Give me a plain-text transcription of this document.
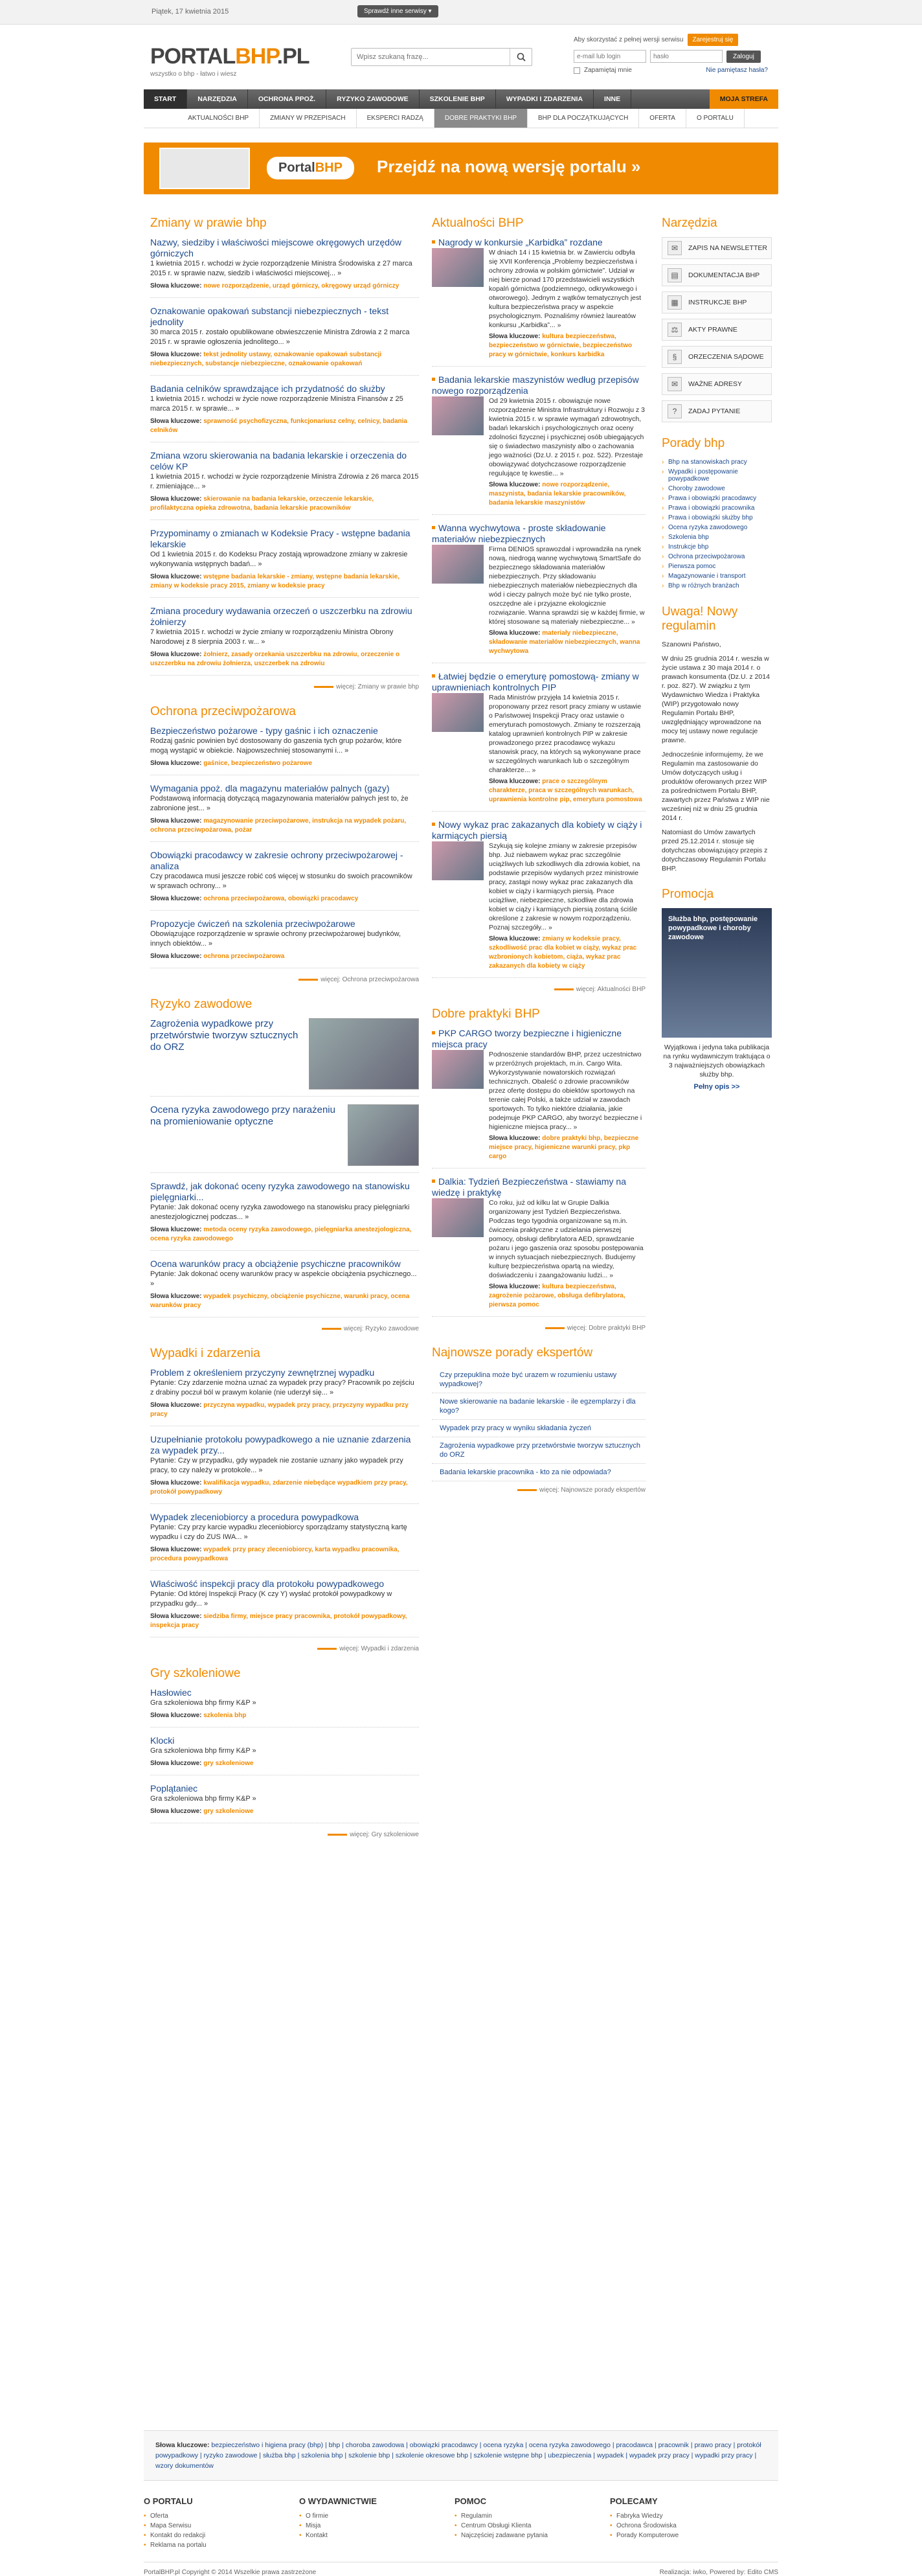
Piątek, 17 kwietnia 2015	Sprawdź inne serwisy ▾
PORTALBHP.PL
wszystko o bhp - łatwo i wiesz
Wpisz szukaną frazę...
Aby skorzystać z pełnej wersji serwisu	Zarejestruj się
e-mail lub login
hasło
Zaloguj
Zapamiętaj mnie	Nie pamiętasz hasła?
START	NARZĘDZIA	OCHRONA PPOŻ.	RYZYKO ZAWODOWE	SZKOLENIE BHP	WYPADKI I ZDARZENIA	INNE	MOJA STREFA
AKTUALNOŚCI BHP	ZMIANY W PRZEPISACH	EKSPERCI RADZĄ	DOBRE PRAKTYKI BHP	BHP DLA POCZĄTKUJĄCYCH	OFERTA	O PORTALU
PortalBHP	Przejdź na nową wersję portalu »
Zmiany w prawie bhp
Nazwy, siedziby i właściwości miejscowe okręgowych urzędów górniczych
1 kwietnia 2015 r. wchodzi w życie rozporządzenie Ministra Środowiska z 27 marca 2015 r. w sprawie nazw, siedzib i właściwości miejscowej... »
Słowa kluczowe: nowe rozporządzenie, urząd górniczy, okręgowy urząd górniczy
Oznakowanie opakowań substancji niebezpiecznych - tekst jednolity
30 marca 2015 r. zostało opublikowane obwieszczenie Ministra Zdrowia z 2 marca 2015 r. w sprawie ogłoszenia jednolitego... »
Słowa kluczowe: tekst jednolity ustawy, oznakowanie opakowań substancji niebezpiecznych, substancje niebezpieczne, oznakowanie opakowań
Badania celników sprawdzające ich przydatność do służby
1 kwietnia 2015 r. wchodzi w życie nowe rozporządzenie Ministra Finansów z 25 marca 2015 r. w sprawie... »
Słowa kluczowe: sprawność psychofizyczna, funkcjonariusz celny, celnicy, badania celników
Zmiana wzoru skierowania na badania lekarskie i orzeczenia do celów KP
1 kwietnia 2015 r. wchodzi w życie rozporządzenie Ministra Zdrowia z 26 marca 2015 r. zmieniające... »
Słowa kluczowe: skierowanie na badania lekarskie, orzeczenie lekarskie, profilaktyczna opieka zdrowotna, badania lekarskie pracowników
Przypominamy o zmianach w Kodeksie Pracy - wstępne badania lekarskie
Od 1 kwietnia 2015 r. do Kodeksu Pracy zostają wprowadzone zmiany w zakresie wykonywania wstępnych badań... »
Słowa kluczowe: wstępne badania lekarskie - zmiany, wstępne badania lekarskie, zmiany w kodeksie pracy 2015, zmiany w kodeksie pracy
Zmiana procedury wydawania orzeczeń o uszczerbku na zdrowiu żołnierzy
7 kwietnia 2015 r. wchodzi w życie zmiany w rozporządzeniu Ministra Obrony Narodowej z 8 sierpnia 2003 r. w... »
Słowa kluczowe: żołnierz, zasady orzekania uszczerbku na zdrowiu, orzeczenie o uszczerbku na zdrowiu żołnierza, uszczerbek na zdrowiu
więcej: Zmiany w prawie bhp
Ochrona przeciwpożarowa
Bezpieczeństwo pożarowe - typy gaśnic i ich oznaczenie
Rodzaj gaśnic powinien być dostosowany do gaszenia tych grup pożarów, które mogą wystąpić w obiekcie. Najpowszechniej stosowanymi i... »
Słowa kluczowe: gaśnice, bezpieczeństwo pożarowe
Wymagania ppoż. dla magazynu materiałów palnych (gazy)
Podstawową informacją dotyczącą magazynowania materiałów palnych jest to, że zabronione jest... »
Słowa kluczowe: magazynowanie przeciwpożarowe, instrukcja na wypadek pożaru, ochrona przeciwpożarowa, pożar
Obowiązki pracodawcy w zakresie ochrony przeciwpożarowej - analiza
Czy pracodawca musi jeszcze robić coś więcej w stosunku do swoich pracowników w sprawach ochrony... »
Słowa kluczowe: ochrona przeciwpożarowa, obowiązki pracodawcy
Propozycje ćwiczeń na szkolenia przeciwpożarowe
Obowiązujące rozporządzenie w sprawie ochrony przeciwpożarowej budynków, innych obiektów... »
Słowa kluczowe: ochrona przeciwpożarowa
więcej: Ochrona przeciwpożarowa
Ryzyko zawodowe
Zagrożenia wypadkowe przy przetwórstwie tworzyw sztucznych do ORZ
Ocena ryzyka zawodowego przy narażeniu na promieniowanie optyczne
Sprawdź, jak dokonać oceny ryzyka zawodowego na stanowisku pielęgniarki...
Pytanie: Jak dokonać oceny ryzyka zawodowego na stanowisku pracy pielęgniarki anestezjologicznej podczas... »
Słowa kluczowe: metoda oceny ryzyka zawodowego, pielęgniarka anestezjologiczna, ocena ryzyka zawodowego
Ocena warunków pracy a obciążenie psychiczne pracowników
Pytanie: Jak dokonać oceny warunków pracy w aspekcie obciążenia psychicznego... »
Słowa kluczowe: wypadek psychiczny, obciążenie psychiczne, warunki pracy, ocena warunków pracy
więcej: Ryzyko zawodowe
Wypadki i zdarzenia
Problem z określeniem przyczyny zewnętrznej wypadku
Pytanie: Czy zdarzenie można uznać za wypadek przy pracy? Pracownik po zejściu z drabiny poczuł ból w prawym kolanie (nie uderzył się... »
Słowa kluczowe: przyczyna wypadku, wypadek przy pracy, przyczyny wypadku przy pracy
Uzupełnianie protokołu powypadkowego a nie uznanie zdarzenia za wypadek przy...
Pytanie: Czy w przypadku, gdy wypadek nie zostanie uznany jako wypadek przy pracy, to czy należy w protokole... »
Słowa kluczowe: kwalifikacja wypadku, zdarzenie niebędące wypadkiem przy pracy, protokół powypadkowy
Wypadek zleceniobiorcy a procedura powypadkowa
Pytanie: Czy przy karcie wypadku zleceniobiorcy sporządzamy statystyczną kartę wypadku i czy do ZUS IWA... »
Słowa kluczowe: wypadek przy pracy zleceniobiorcy, karta wypadku pracownika, procedura powypadkowa
Właściwość inspekcji pracy dla protokołu powypadkowego
Pytanie: Od której Inspekcji Pracy (K czy Y) wysłać protokół powypadkowy w przypadku gdy... »
Słowa kluczowe: siedziba firmy, miejsce pracy pracownika, protokół powypadkowy, inspekcja pracy
więcej: Wypadki i zdarzenia
Gry szkoleniowe
Hasłowiec
Gra szkoleniowa bhp firmy K&P »
Słowa kluczowe: szkolenia bhp
Klocki
Gra szkoleniowa bhp firmy K&P »
Słowa kluczowe: gry szkoleniowe
Poplątaniec
Gra szkoleniowa bhp firmy K&P »
Słowa kluczowe: gry szkoleniowe
więcej: Gry szkoleniowe
Aktualności BHP
Nagrody w konkursie „Karbidka” rozdane
W dniach 14 i 15 kwietnia br. w Zawierciu odbyła się XVII Konferencja „Problemy bezpieczeństwa i ochrony zdrowia w polskim górnictwie”. Udział w niej bierze ponad 170 przedstawicieli wszystkich kopalń górnictwa (podziemnego, odkrywkowego i otworowego). Jednym z wątków tematycznych jest kultura bezpieczeństwa pracy w aspekcie psychologicznym. Poznaliśmy również laureatów konkursu „Karbidka”... »
Słowa kluczowe: kultura bezpieczeństwa, bezpieczeństwo w górnictwie, bezpieczeństwo pracy w górnictwie, konkurs karbidka
Badania lekarskie maszynistów według przepisów nowego rozporządzenia
Od 29 kwietnia 2015 r. obowiązuje nowe rozporządzenie Ministra Infrastruktury i Rozwoju z 3 kwietnia 2015 r. w sprawie wymagań zdrowotnych, badań lekarskich i psychologicznych oraz oceny zdolności fizycznej i psychicznej osób ubiegających się o świadectwo maszynisty albo o zachowania jego ważności (Dz.U. z 2015 r. poz. 522). Przestaje obowiązywać dotychczasowe rozporządzenie regulujące tę kwestie... »
Słowa kluczowe: nowe rozporządzenie, maszynista, badania lekarskie pracowników, badania lekarskie maszynistów
Wanna wychwytowa - proste składowanie materiałów niebezpiecznych
Firma DENIOS sprawozdał i wprowadziła na rynek nową, niedrogą wannę wychwytową SmartSafe do bezpiecznego składowania materiałów niebezpiecznych. Przy składowaniu niebezpiecznych materiałów niebezpiecznych dla wód i cieczy palnych może być nie tylko proste, oszczędne ale i przyjazne ekologicznie rozwiązanie. Wanna sprawdzi się w każdej firmie, w której stosowane są materiały niebezpieczne... »
Słowa kluczowe: materiały niebezpieczne, składowanie materiałów niebezpiecznych, wanna wychwytowa
Łatwiej będzie o emeryturę pomostową- zmiany w uprawnieniach kontrolnych PIP
Rada Ministrów przyjęła 14 kwietnia 2015 r. proponowany przez resort pracy zmiany w ustawie o Państwowej Inspekcji Pracy oraz ustawie o emeryturach pomostowych. Zmiany te rozszerzają katalog uprawnień kontrolnych PIP w zakresie prowadzonego przez pracodawcę wykazu stanowisk pracy, na których są wykonywane prace w szczególnych warunkach lub o szczególnym charakterze... »
Słowa kluczowe: prace o szczególnym charakterze, praca w szczególnych warunkach, uprawnienia kontrolne pip, emerytura pomostowa
Nowy wykaz prac zakazanych dla kobiety w ciąży i karmiących piersią
Szykują się kolejne zmiany w zakresie przepisów bhp. Już niebawem wykaz prac szczególnie uciążliwych lub szkodliwych dla zdrowia kobiet, na podstawie przepisów wydanych przez ministrowie pracy, zastąpi nowy wykaz prac zakazanych dla kobiet w ciąży i karmiących piersią. Prace uciążliwe, niebezpieczne, szkodliwe dla zdrowia kobiet w ciąży i karmiących piersią zostaną ściśle określone z zakresie w nowym rozporządzeniu. Poznaj szczegóły... »
Słowa kluczowe: zmiany w kodeksie pracy, szkodliwość prac dla kobiet w ciąży, wykaz prac wzbronionych kobietom, ciąża, wykaz prac zakazanych dla kobiety w ciąży
więcej: Aktualności BHP
Dobre praktyki BHP
PKP CARGO tworzy bezpieczne i higieniczne miejsca pracy
Podnoszenie standardów BHP, przez uczestnictwo w przeróżnych projektach, m.in. Cargo Wita. Wykorzystywanie nowatorskich rozwiązań technicznych. Obaleść o zdrowie pracowników przez ofertę dostępu do obiektów sportowych na terenie całej Polski, a także udział w zawodach sportowych. To tylko niektóre działania, jakie podejmuje PKP CARGO, aby tworzyć bezpieczne i higieniczne miejsca pracy... »
Słowa kluczowe: dobre praktyki bhp, bezpieczne miejsce pracy, higieniczne warunki pracy, pkp cargo
Dalkia: Tydzień Bezpieczeństwa - stawiamy na wiedzę i praktykę
Co roku, już od kilku lat w Grupie Dalkia organizowany jest Tydzień Bezpieczeństwa. Podczas tego tygodnia organizowane są m.in. ćwiczenia praktyczne z udzielania pierwszej pomocy, obsługi defibrylatora AED, sprawdzanie pożaru i jego gaszenia oraz sposobu postępowania w innych sytuacjach niebezpiecznych. Budujemy kulturę bezpieczeństwa opartą na wiedzy, doświadczeniu i zaangażowaniu ludzi... »
Słowa kluczowe: kultura bezpieczeństwa, zagrożenie pożarowe, obsługa defibrylatora, pierwsza pomoc
więcej: Dobre praktyki BHP
Najnowsze porady ekspertów
Czy przepuklina może być urazem w rozumieniu ustawy wypadkowej?
Nowe skierowanie na badanie lekarskie - ile egzemplarzy i dla kogo?
Wypadek przy pracy w wyniku składania życzeń
Zagrożenia wypadkowe przy przetwórstwie tworzyw sztucznych do ORZ
Badania lekarskie pracownika - kto za nie odpowiada?
więcej: Najnowsze porady ekspertów
Narzędzia
✉	ZAPIS NA NEWSLETTER
▤	DOKUMENTACJA BHP
▦	INSTRUKCJE BHP
⚖	AKTY PRAWNE
§	ORZECZENIA SĄDOWE
✉	WAŻNE ADRESY
?	ZADAJ PYTANIE
Porady bhp
› Bhp na stanowiskach pracy
› Wypadki i postępowanie powypadkowe
› Choroby zawodowe
› Prawa i obowiązki pracodawcy
› Prawa i obowiązki pracownika
› Prawa i obowiązki służby bhp
› Ocena ryzyka zawodowego
› Szkolenia bhp
› Instrukcje bhp
› Ochrona przeciwpożarowa
› Pierwsza pomoc
› Magazynowanie i transport
› Bhp w różnych branżach
Uwaga! Nowy regulamin

Szanowni Państwo,

W dniu 25 grudnia 2014 r. weszła w życie ustawa z 30 maja 2014 r. o prawach konsumenta (Dz.U. z 2014 r. poz. 827). W związku z tym Wydawnictwo Wiedza i Praktyka (WIP) przygotowało nowy Regulamin Portalu BHP, uwzględniający wprowadzone na mocy tej ustawy nowe regulacje prawne.

Jednocześnie informujemy, że we Regulamin ma zastosowanie do Umów dotyczących usług i produktów oferowanych przez WIP za pośrednictwem Portalu BHP, zawartych przez Państwa z WIP nie wcześniej niż w dniu 25 grudnia 2014 r.

Natomiast do Umów zawartych przed 25.12.2014 r. stosuje się dotychczas obowiązujący przepis z dotychczasowy Regulamin Portalu BHP.

Promocja
Służba bhp, postępowanie powypadkowe i choroby zawodowe

Wyjątkowa i jedyna taka publikacja na rynku wydawniczym traktująca o 3 najważniejszych obowiązkach służby bhp.

Pełny opis >>
Słowa kluczowe: bezpieczeństwo i higiena pracy (bhp) | bhp | choroba zawodowa | obowiązki pracodawcy | ocena ryzyka | ocena ryzyka zawodowego | pracodawca | pracownik | prawo pracy | protokół powypadkowy | ryzyko zawodowe | służba bhp | szkolenia bhp | szkolenie bhp | szkolenie okresowe bhp | szkolenie wstępne bhp | ubezpieczenia | wypadek | wypadek przy pracy | wypadki przy pracy | wzory dokumentów
O PORTALU
• Oferta
• Mapa Serwisu
• Kontakt do redakcji
• Reklama na portalu
O WYDAWNICTWIE
• O firmie
• Misja
• Kontakt
POMOC
• Regulamin
• Centrum Obsługi Klienta
• Najczęściej zadawane pytania
POLECAMY
• Fabryka Wiedzy
• Ochrona Środowiska
• Porady Komputerowe
PortalBHP.pl Copyright © 2014 Wszelkie prawa zastrzeżone	Realizacja: iwko, Powered by: Edito CMS
